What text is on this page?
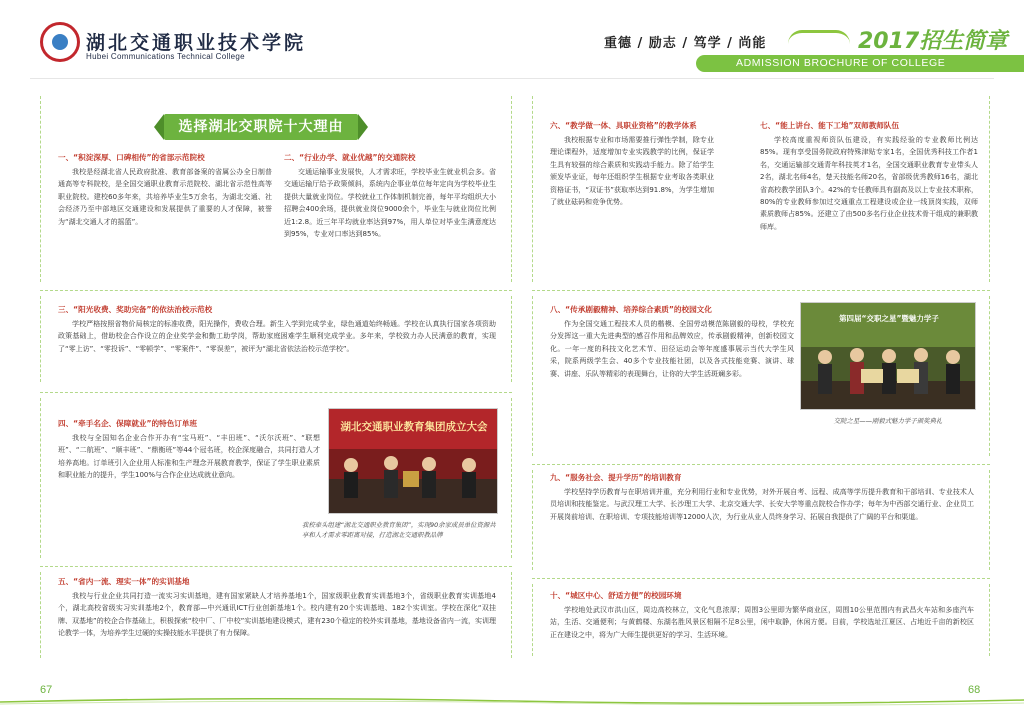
湖北交通职业技术学院
Hubei Communications Technical College
重德 / 励志 / 笃学 / 尚能	2017招生简章
ADMISSION BROCHURE OF COLLEGE
选择湖北交职院十大理由
一、“积淀深厚、口碑相传”的省部示范院校
我校是经湖北省人民政府批准、教育部备案的省属公办全日制普通高等专科院校，是全国交通职业教育示范院校、湖北省示范性高等职业院校。建校60多年来，共培养毕业生5万余名，为湖北交通、社会经济乃至中部地区交通建设和发展提供了重要的人才保障，被誉为“湖北交通人才的摇篮”。
二、“行业办学、就业优越”的交通院校
交通运输事业发展快，人才需求旺，学校毕业生就业机会多。省交通运输厅给予政策倾斜，系统内企事业单位每年定向为学校毕业生提供大量就业岗位。学校就业工作体制机制完善，每年平均组织大小招聘会400余场，提供就业岗位9000余个，毕业生与就业岗位比例近1:2.8。近三年平均就业率达到97%，用人单位对毕业生满意度达到95%，专业对口率达到85%。
三、“阳光收费、奖助完备”的依法治校示范校
学校严格按照省物价局核定的标准收费，阳光操作，费收合理。新生入学到完成学业，绿色通道始终畅通。学校在认真执行国家各项资助政策基础上，借助校企合作设立的企业奖学金和勤工助学岗，帮助家庭困难学生顺利完成学业。多年来，学校致力办人民满意的教育，实现了“零上访”、“零投诉”、“零顿学”、“零案件”、“零误差”，被评为“湖北省依法治校示范学校”。
四、“牵手名企、保障就业”的特色订单班
我校与全国知名企业合作开办有“宝马班”、“丰田班”、“沃尔沃班”、“联想班”、“二航班”、“顺丰班”、“鼎衡班”等44个冠名班，校企深度融合，共同打造人才培养高地。订单班引入企业用人标准和生产理念开展教育教学，保证了学生职业素质和职业能力的提升，学生100%与合作企业达成就业意向。
湖北交通职业教育集团成立大会
我校牵头组建“湖北交通职业教育集团”，实现90余家成员单位资源共享和人才需求零距离对接，打造湖北交通职教品牌
五、“省内一流、理实一体”的实训基地
我校与行业企业共同打造一流实习实训基地，建有国家紧缺人才培养基地1个，国家级职业教育实训基地3个，省级职业教育实训基地4个，湖北高校省级实习实训基地2个，教育部—中兴通讯ICT行业创新基地1个。校内建有20个实训基地、182个实训室。学校在深化“双挂牌、双基地”的校企合作基础上，积极探索“校中厂、厂中校”实训基地建设模式，建有230个稳定的校外实训基地，基地设备省内一流，实训理论教学一体，为培养学生过硬的实操技能水平提供了有力保障。
六、“教学做一体、具职业资格”的教学体系
我校根据专业和市场需要推行弹性学制，除专业理论课程外，适度增加专业实践教学的比例，保证学生具有较强的综合素质和实践动手能力。除了给学生颁发毕业证，每年还组织学生根据专业考取各类职业资格证书，“双证书”获取率达到91.8%，为学生增加了就业砝码和竞争优势。
七、“能上讲台、能下工地”双师教师队伍
学校高度重视师资队伍建设，有实践经验的专业教师比例达85%。现有享受国务院政府特殊津贴专家1名，全国优秀科技工作者1名，交通运输部交通青年科技英才1名，全国交通职业教育专业带头人2名，湖北名师4名，楚天技能名师20名，省部级优秀教师16名，湖北省高校教学团队3个。42%的专任教师具有副高及以上专业技术职称，80%的专业教师参加过交通重点工程建设或企业一线顶岗实践，双师素质教师占85%。还建立了由500多名行业企业技术骨干组成的兼职教师库。
八、“传承剧毅精神、培养综合素质”的校园文化
作为全国交通工程技术人员的楷模、全国劳动模范陈剧毅的母校，学校充分发挥这一重大先进典型的感召作用和品牌效应，传承剧毅精神，创新校园文化。一年一度的科技文化艺术节、田径运动会等年度盛事展示当代大学生风采，院系两级学生会、40多个专业技能社团，以及各式技能竞赛、演讲、球赛、讲座、乐队等精彩的表现舞台，让你的大学生活斑斓多彩。
第四届“交职之星”暨魅力学子
交院之星——刚毅式魅力学子颁奖典礼
九、“服务社会、提升学历”的培训教育
学校坚持学历教育与在职培训并重，充分利用行业和专业优势，对外开展自考、远程、成高等学历提升教育和干部培训、专业技术人员培训和技能鉴定。与武汉理工大学、长沙理工大学、北京交通大学、长安大学等重点院校合作办学；每年为中西部交通行业、企业员工开展岗前培训、在职培训、专项技能培训等12000人次，为行业从业人员终身学习、拓展自我提供了广阔的平台和渠道。
十、“城区中心、舒适方便”的校园环境
学校地处武汉市洪山区，周边高校林立，文化气息浓厚；周围3公里即为繁华商业区，周围10公里范围内有武昌火车站和多座汽车站，生活、交通便利；与黄鹤楼、东湖名胜风景区相隔不足8公里，闲中取静，休闲方便。目前，学校选址江夏区、占地近千亩的新校区正在建设之中，将为广大师生提供更好的学习、生活环境。
67	68
